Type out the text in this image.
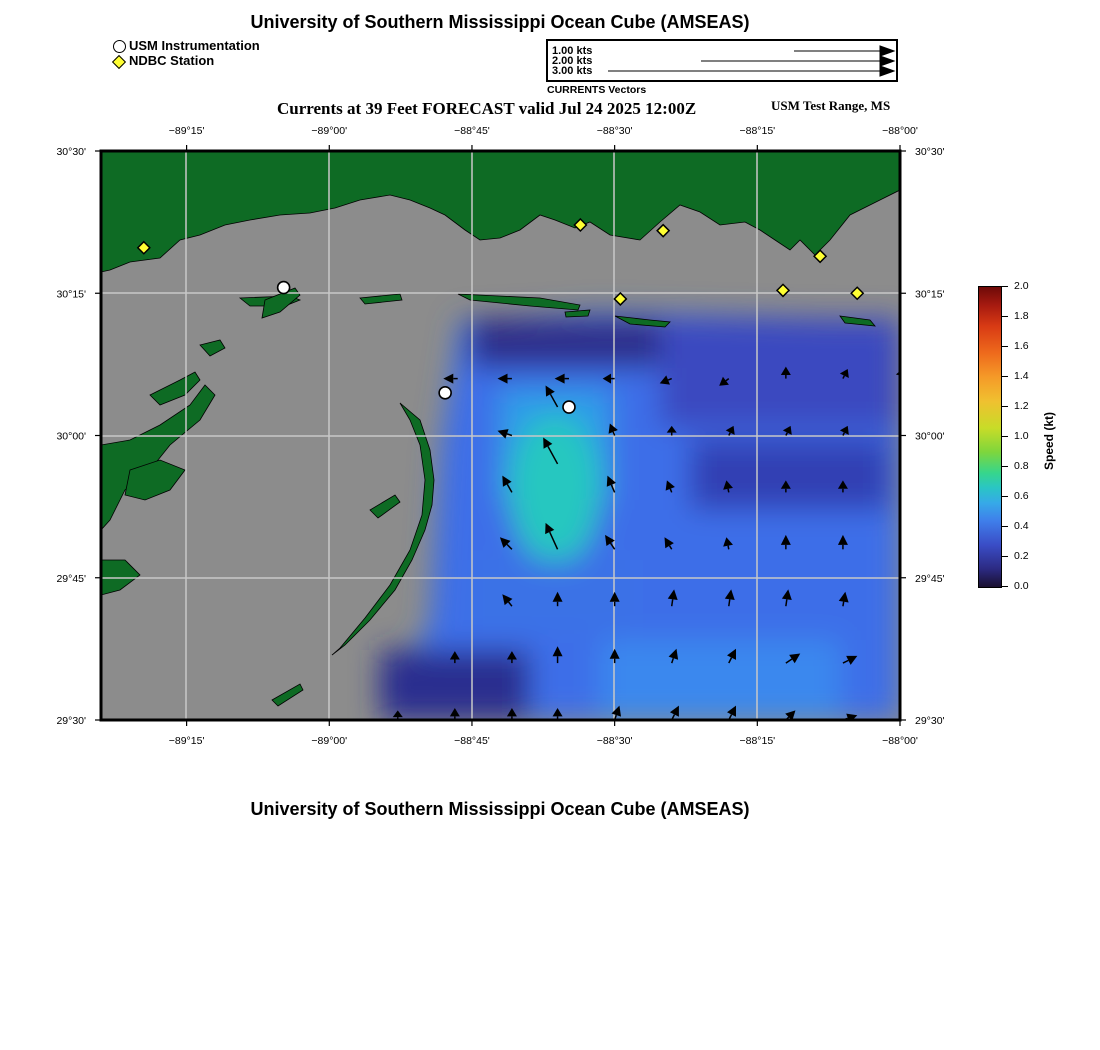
University of Southern Mississippi Ocean Cube (AMSEAS)
USM Instrumentation
NDBC Station
1.00 kts
2.00 kts
3.00 kts
CURRENTS Vectors
Currents at 39 Feet FORECAST valid Jul 24 2025 12:00Z	USM Test Range, MS
−89°15'
−89°15'
−89°00'
−89°00'
−88°45'
−88°45'
−88°30'
−88°30'
−88°15'
−88°15'
−88°00'
−88°00'
30°30'	30°30'
30°15'	30°15'
30°00'	30°00'
29°45'	29°45'
29°30'	29°30'
2.0
1.8
1.6
1.4
1.2
1.0
0.8
0.6
0.4
0.2
0.0
Speed (kt)
University of Southern Mississippi Ocean Cube (AMSEAS)
